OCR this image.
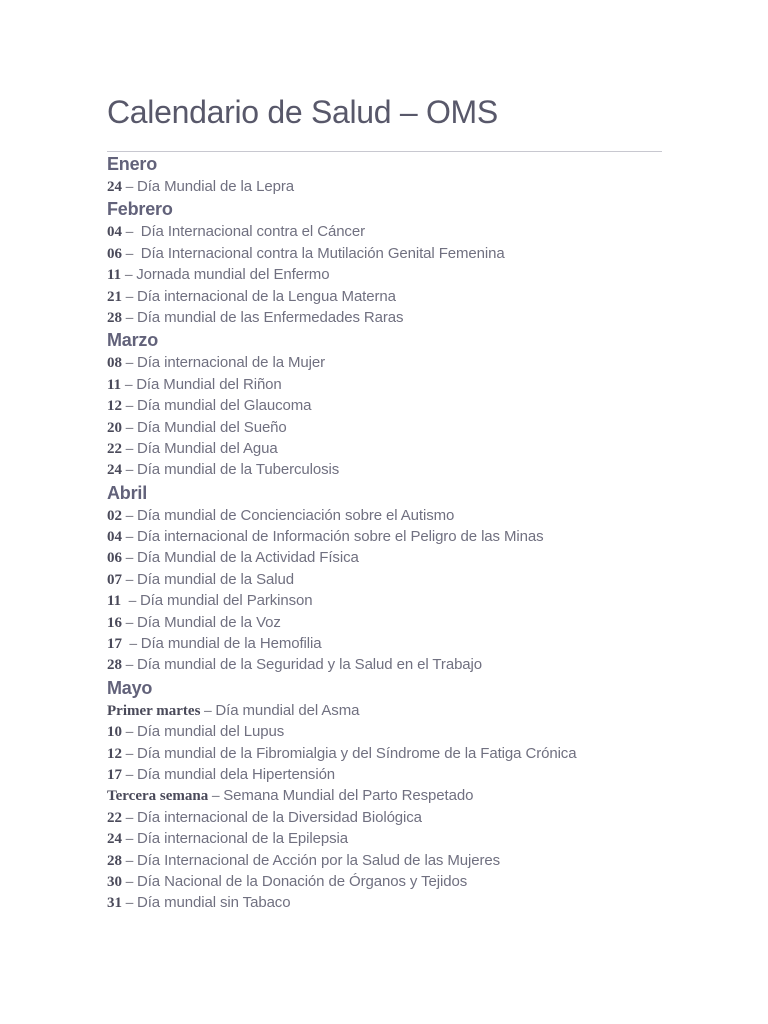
Calendario de Salud – OMS
Enero
24 – Día Mundial de la Lepra
Febrero
04 –  Día Internacional contra el Cáncer
06 –  Día Internacional contra la Mutilación Genital Femenina
11 – Jornada mundial del Enfermo
21 – Día internacional de la Lengua Materna
28 – Día mundial de las Enfermedades Raras
Marzo
08 – Día internacional de la Mujer
11 – Día Mundial del Riñon
12 – Día mundial del Glaucoma
20 – Día Mundial del Sueño
22 – Día Mundial del Agua
24 – Día mundial de la Tuberculosis
Abril
02 – Día mundial de Concienciación sobre el Autismo
04 – Día internacional de Información sobre el Peligro de las Minas
06 – Día Mundial de la Actividad Física
07 – Día mundial de la Salud
11  – Día mundial del Parkinson
16 – Día Mundial de la Voz
17  – Día mundial de la Hemofilia
28 – Día mundial de la Seguridad y la Salud en el Trabajo
Mayo
Primer martes – Día mundial del Asma
10 – Día mundial del Lupus
12 – Día mundial de la Fibromialgia y del Síndrome de la Fatiga Crónica
17 – Día mundial dela Hipertensión
Tercera semana – Semana Mundial del Parto Respetado
22 – Día internacional de la Diversidad Biológica
24 – Día internacional de la Epilepsia
28 – Día Internacional de Acción por la Salud de las Mujeres
30 – Día Nacional de la Donación de Órganos y Tejidos
31 – Día mundial sin Tabaco
